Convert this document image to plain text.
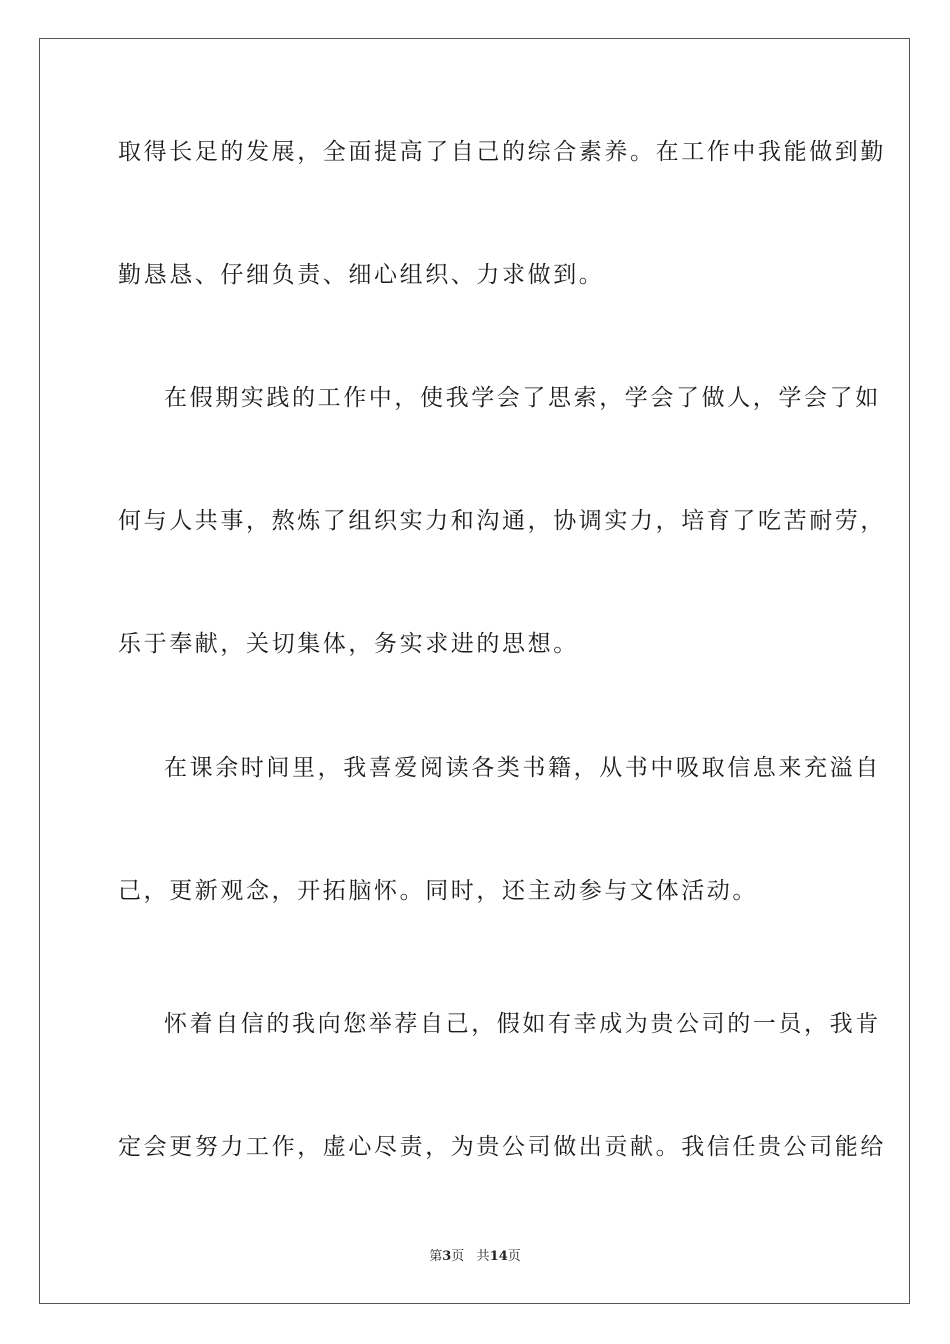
取得长足的发展，全面提高了自己的综合素养。在工作中我能做到勤

勤恳恳、仔细负责、细心组织、力求做到。

在假期实践的工作中，使我学会了思索，学会了做人，学会了如

何与人共事，熬炼了组织实力和沟通，协调实力，培育了吃苦耐劳，

乐于奉献，关切集体，务实求进的思想。

在课余时间里，我喜爱阅读各类书籍，从书中吸取信息来充溢自

己，更新观念，开拓脑怀。同时，还主动参与文体活动。

怀着自信的我向您举荐自己，假如有幸成为贵公司的一员，我肯

定会更努力工作，虚心尽责，为贵公司做出贡献。我信任贵公司能给

第3页 共14页
